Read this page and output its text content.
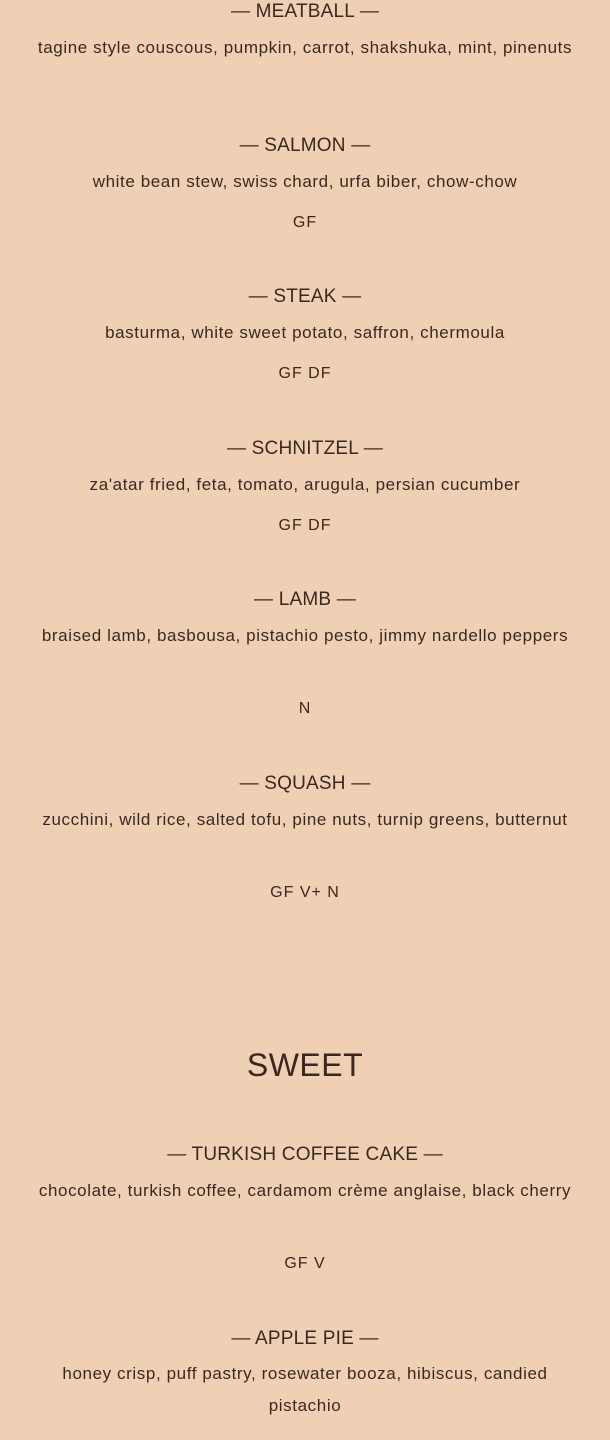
— MEATBALL —
tagine style couscous, pumpkin, carrot, shakshuka, mint, pinenuts
— SALMON —
white bean stew, swiss chard, urfa biber, chow-chow
GF
— STEAK —
basturma, white sweet potato, saffron, chermoula
GF DF
— SCHNITZEL —
za'atar fried, feta, tomato, arugula, persian cucumber
GF DF
— LAMB —
braised lamb, basbousa, pistachio pesto, jimmy nardello peppers
N
— SQUASH —
zucchini, wild rice, salted tofu, pine nuts, turnip greens, butternut
GF V+ N
SWEET
— TURKISH COFFEE CAKE —
chocolate, turkish coffee, cardamom crème anglaise, black cherry
GF V
— APPLE PIE —
honey crisp, puff pastry, rosewater booza, hibiscus, candied pistachio
